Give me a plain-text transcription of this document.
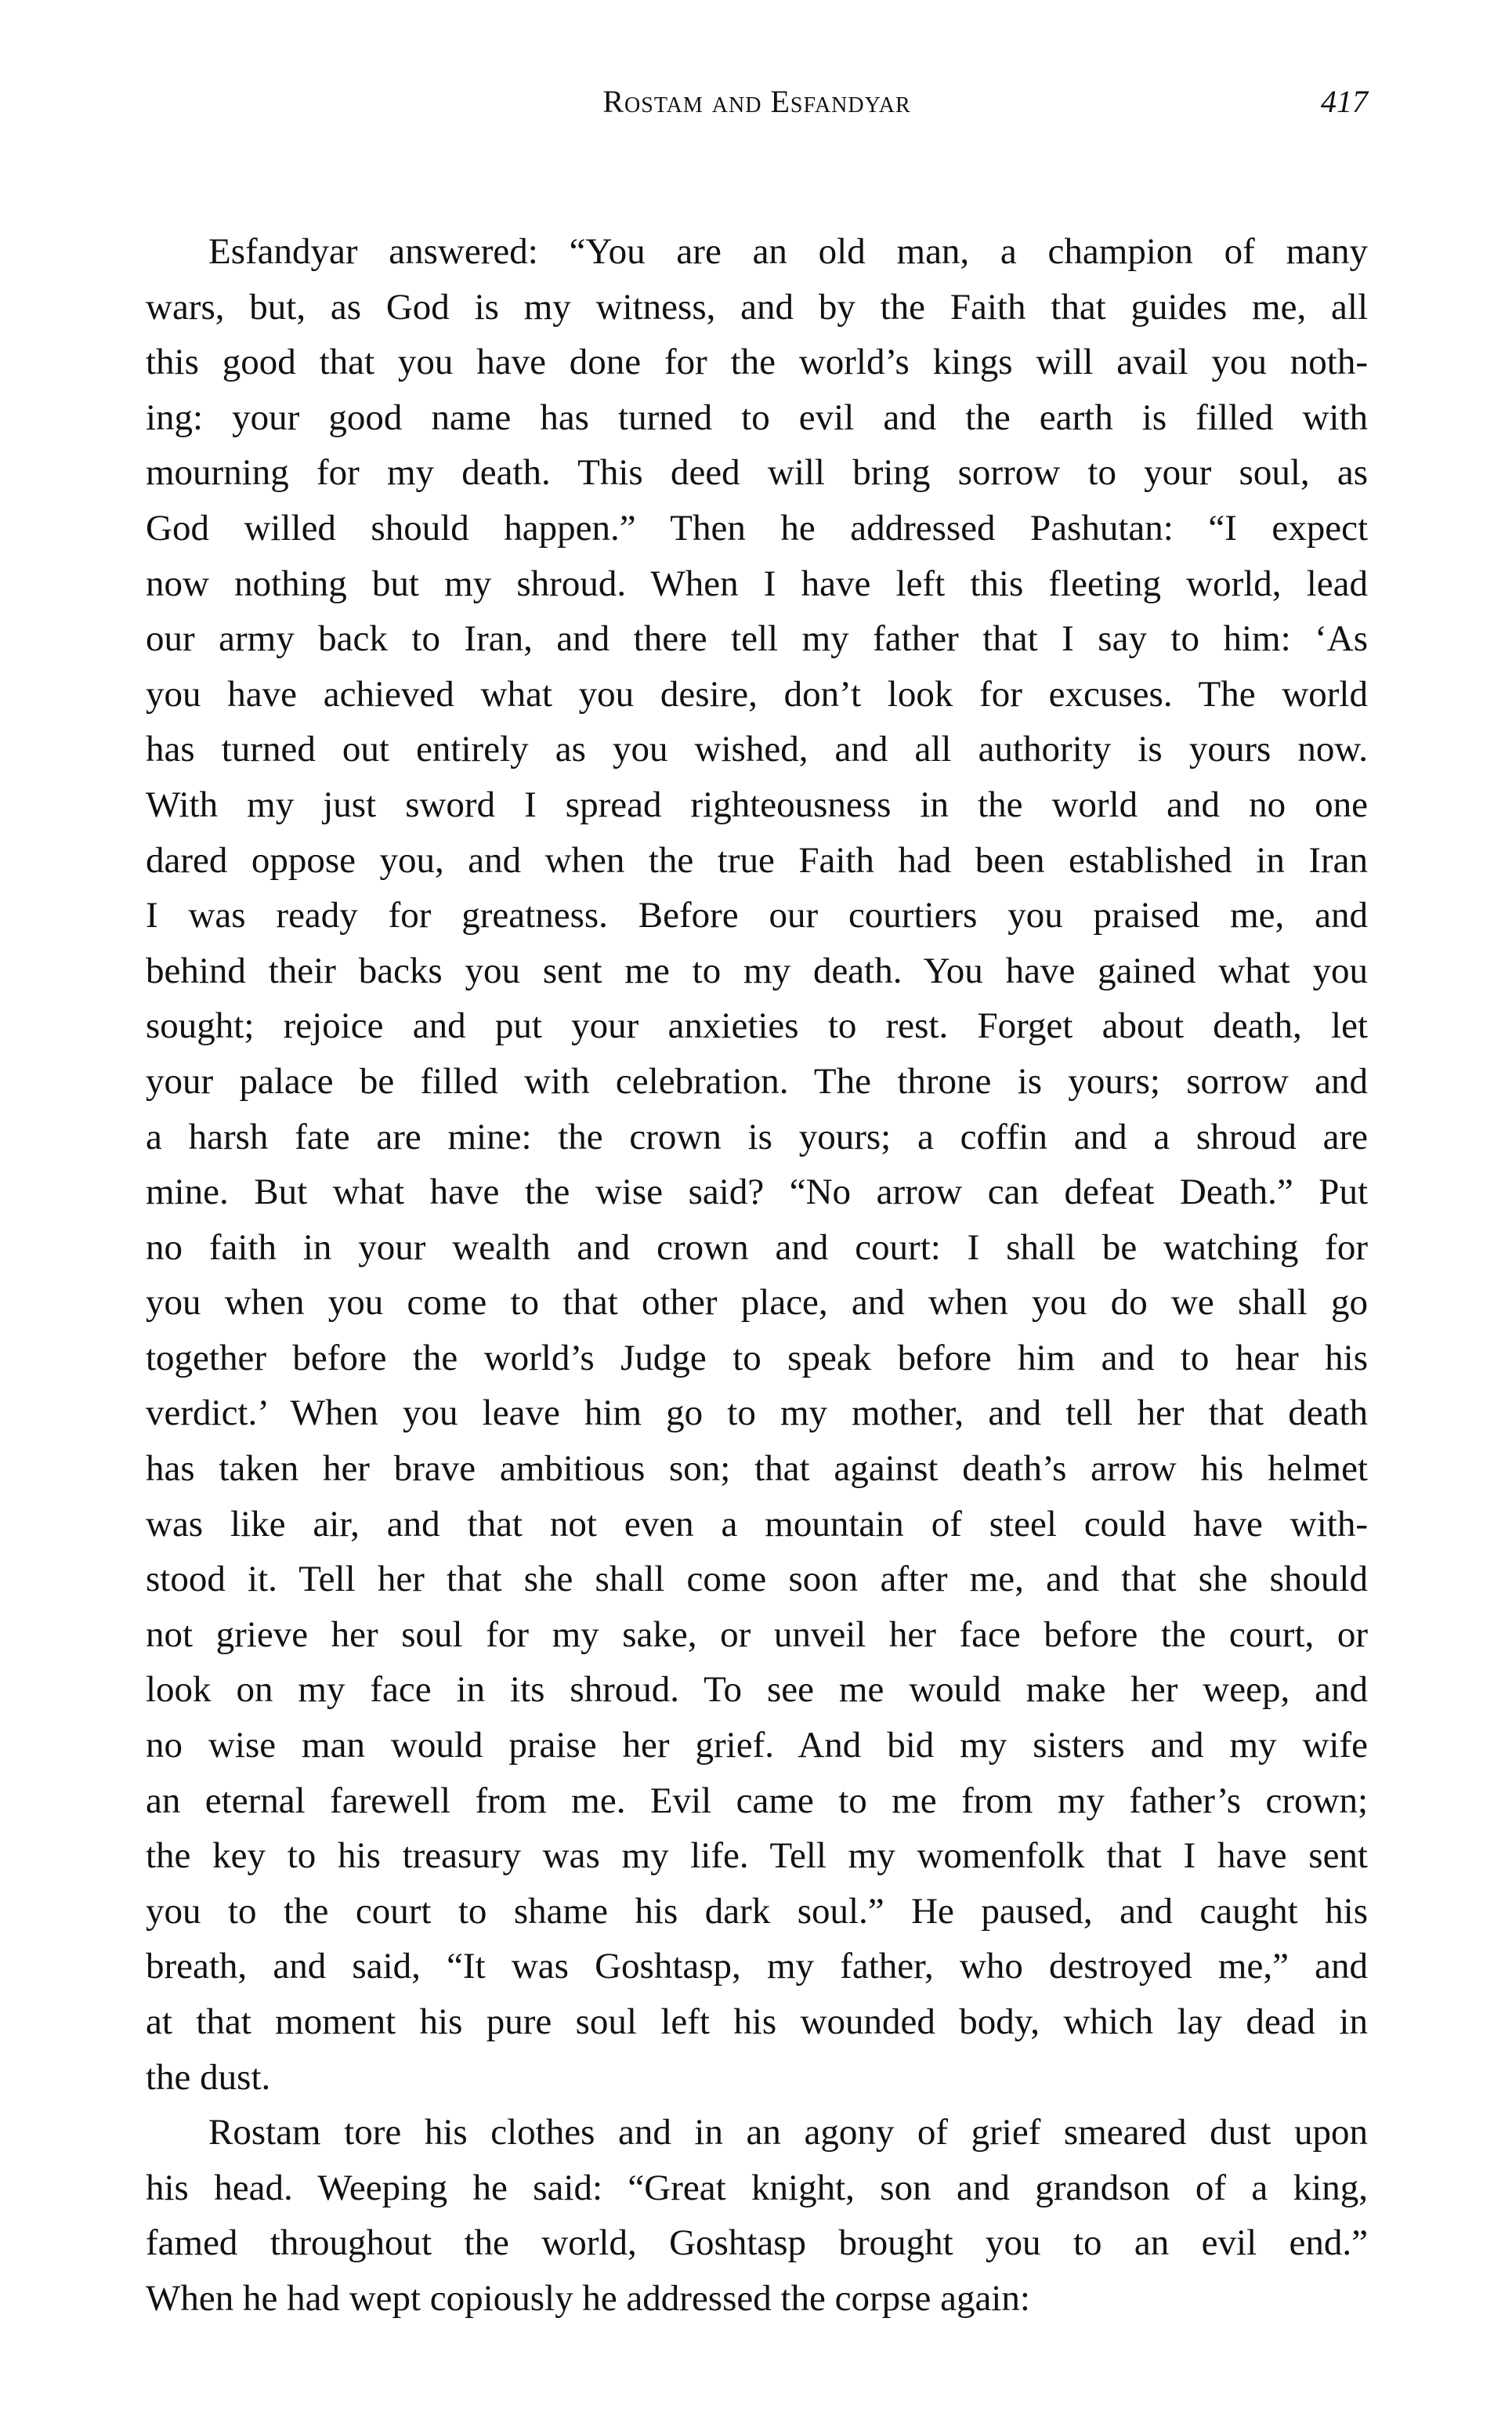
Rostam and Esfandyar	417
Esfandyar answered: “You are an old man, a champion of many
wars, but, as God is my witness, and by the Faith that guides me, all
this good that you have done for the world’s kings will avail you noth-
ing: your good name has turned to evil and the earth is filled with
mourning for my death. This deed will bring sorrow to your soul, as
God willed should happen.” Then he addressed Pashutan: “I expect
now nothing but my shroud. When I have left this fleeting world, lead
our army back to Iran, and there tell my father that I say to him: ‘As
you have achieved what you desire, don’t look for excuses. The world
has turned out entirely as you wished, and all authority is yours now.
With my just sword I spread righteousness in the world and no one
dared oppose you, and when the true Faith had been established in Iran
I was ready for greatness. Before our courtiers you praised me, and
behind their backs you sent me to my death. You have gained what you
sought; rejoice and put your anxieties to rest. Forget about death, let
your palace be filled with celebration. The throne is yours; sorrow and
a harsh fate are mine: the crown is yours; a coffin and a shroud are
mine. But what have the wise said? “No arrow can defeat Death.” Put
no faith in your wealth and crown and court: I shall be watching for
you when you come to that other place, and when you do we shall go
together before the world’s Judge to speak before him and to hear his
verdict.’ When you leave him go to my mother, and tell her that death
has taken her brave ambitious son; that against death’s arrow his helmet
was like air, and that not even a mountain of steel could have with-
stood it. Tell her that she shall come soon after me, and that she should
not grieve her soul for my sake, or unveil her face before the court, or
look on my face in its shroud. To see me would make her weep, and
no wise man would praise her grief. And bid my sisters and my wife
an eternal farewell from me. Evil came to me from my father’s crown;
the key to his treasury was my life. Tell my womenfolk that I have sent
you to the court to shame his dark soul.” He paused, and caught his
breath, and said, “It was Goshtasp, my father, who destroyed me,” and
at that moment his pure soul left his wounded body, which lay dead in
the dust.
Rostam tore his clothes and in an agony of grief smeared dust upon
his head. Weeping he said: “Great knight, son and grandson of a king,
famed throughout the world, Goshtasp brought you to an evil end.”
When he had wept copiously he addressed the corpse again:
